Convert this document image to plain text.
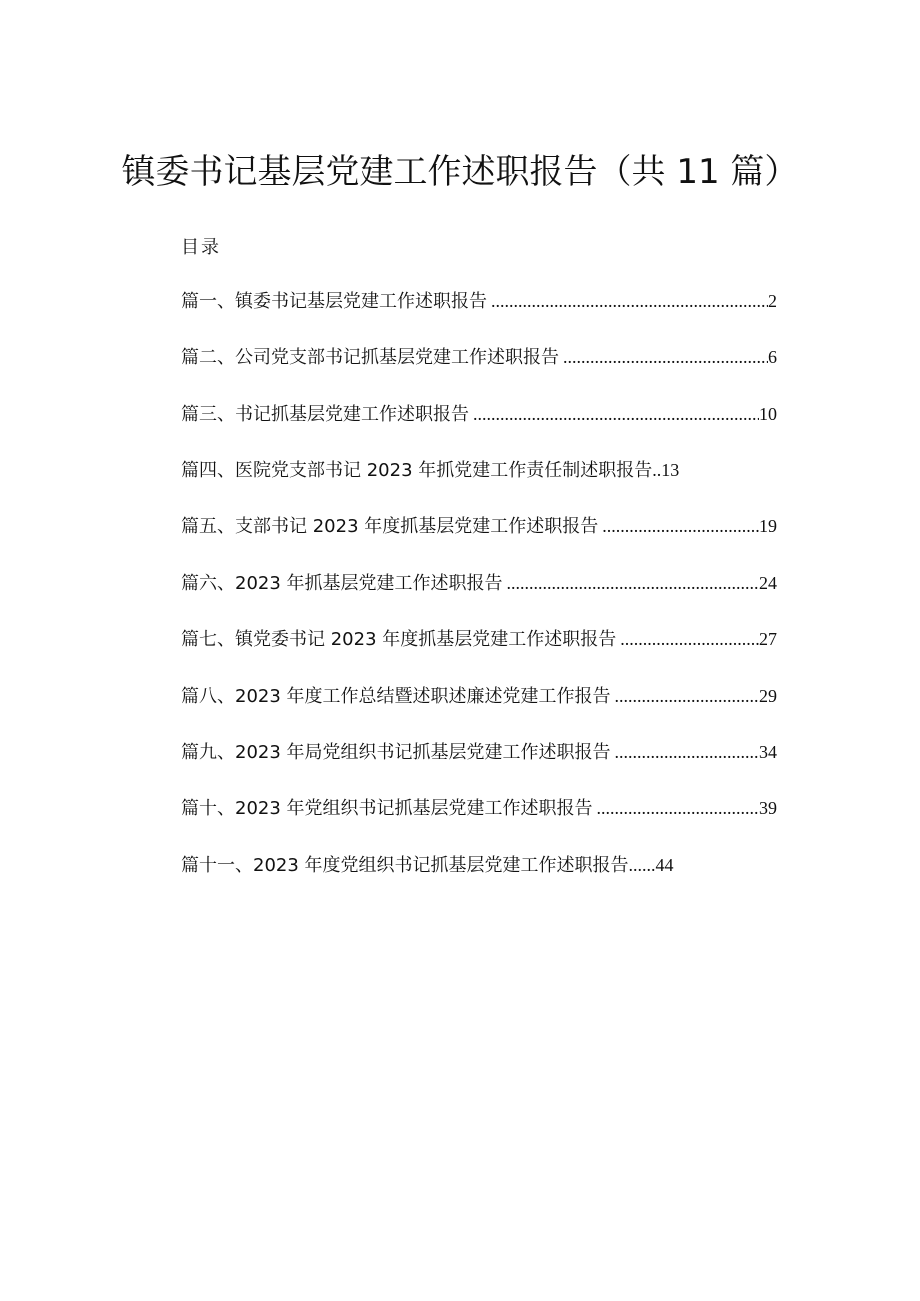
镇委书记基层党建工作述职报告（共 11 篇）
目录
篇一、镇委书记基层党建工作述职报告 .....	2
篇二、公司党支部书记抓基层党建工作述职报告 .....	6
篇三、书记抓基层党建工作述职报告 .....	10
篇四、医院党支部书记 2023 年抓党建工作责任制述职报告 .. 13
篇五、支部书记 2023 年度抓基层党建工作述职报告 .....	19
篇六、2023 年抓基层党建工作述职报告 .....	24
篇七、镇党委书记 2023 年度抓基层党建工作述职报告 .....	27
篇八、2023 年度工作总结暨述职述廉述党建工作报告 .....	29
篇九、2023 年局党组织书记抓基层党建工作述职报告 .....	34
篇十、2023 年党组织书记抓基层党建工作述职报告 .....	39
篇十一、2023 年度党组织书记抓基层党建工作述职报告 ...... 44
